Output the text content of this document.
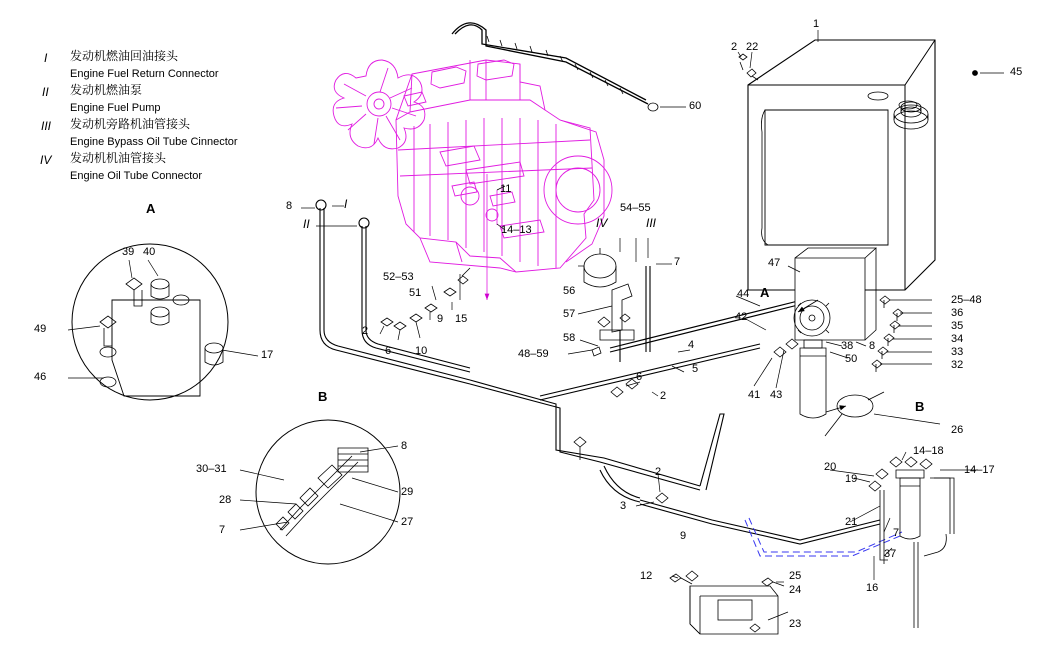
I 发动机燃油回油接头
Engine Fuel Return Connector
II 发动机燃油泵
Engine Fuel Pump
III 发动机旁路机油管接头
Engine Bypass Oil Tube Cinnector
IV 发动机机油管接头
Engine Oil Tube Connector
A
B
1
2 22
45
60
11
14–13
8	I
II
39 40
49
46
17
52–53
51
9 15
2
6 10
54–55
IV	III
7
56
57
58
48–59
4
5
6
2
44 A
42
41 43
47
25–48
36
35
34
33
32
26
38
50
8
B
30–31
28
7
8
29
27
3
2
9
12	25
24
23
20
19
14–18
14–17
21
7
37
16
